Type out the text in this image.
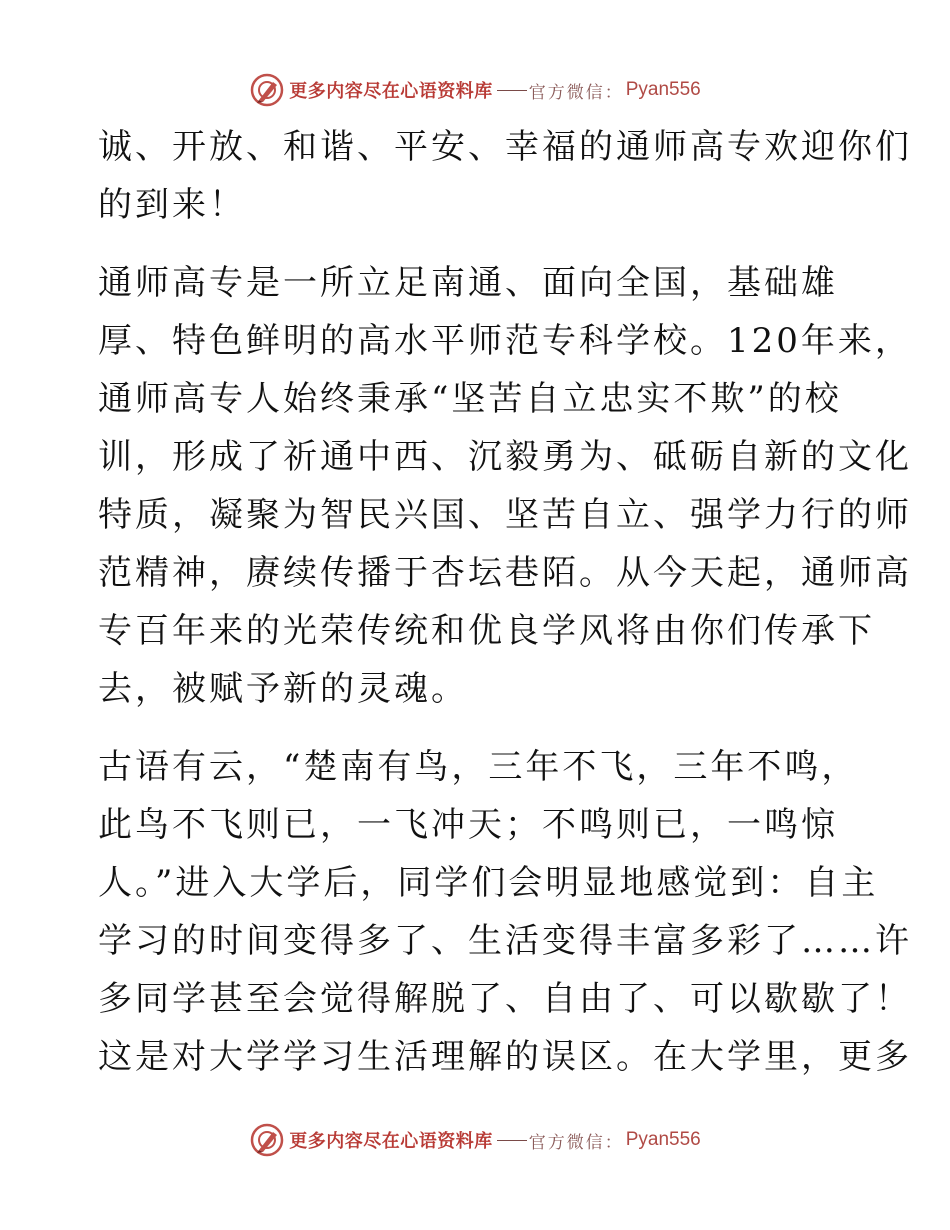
更多内容尽在心语资料库 官方微信： Pyan556
诚、开放、和谐、平安、幸福的通师高专欢迎你们
的到来！
通师高专是一所立足南通、面向全国，基础雄
厚、特色鲜明的高水平师范专科学校。120年来，
通师高专人始终秉承“坚苦自立忠实不欺”的校
训，形成了祈通中西、沉毅勇为、砥砺自新的文化
特质，凝聚为智民兴国、坚苦自立、强学力行的师
范精神，赓续传播于杏坛巷陌。从今天起，通师高
专百年来的光荣传统和优良学风将由你们传承下
去，被赋予新的灵魂。
古语有云，“楚南有鸟，三年不飞，三年不鸣，
此鸟不飞则已，一飞冲天；不鸣则已，一鸣惊
人。”进入大学后，同学们会明显地感觉到：自主
学习的时间变得多了、生活变得丰富多彩了……许
多同学甚至会觉得解脱了、自由了、可以歇歇了！
这是对大学学习生活理解的误区。在大学里，更多
更多内容尽在心语资料库 官方微信： Pyan556
